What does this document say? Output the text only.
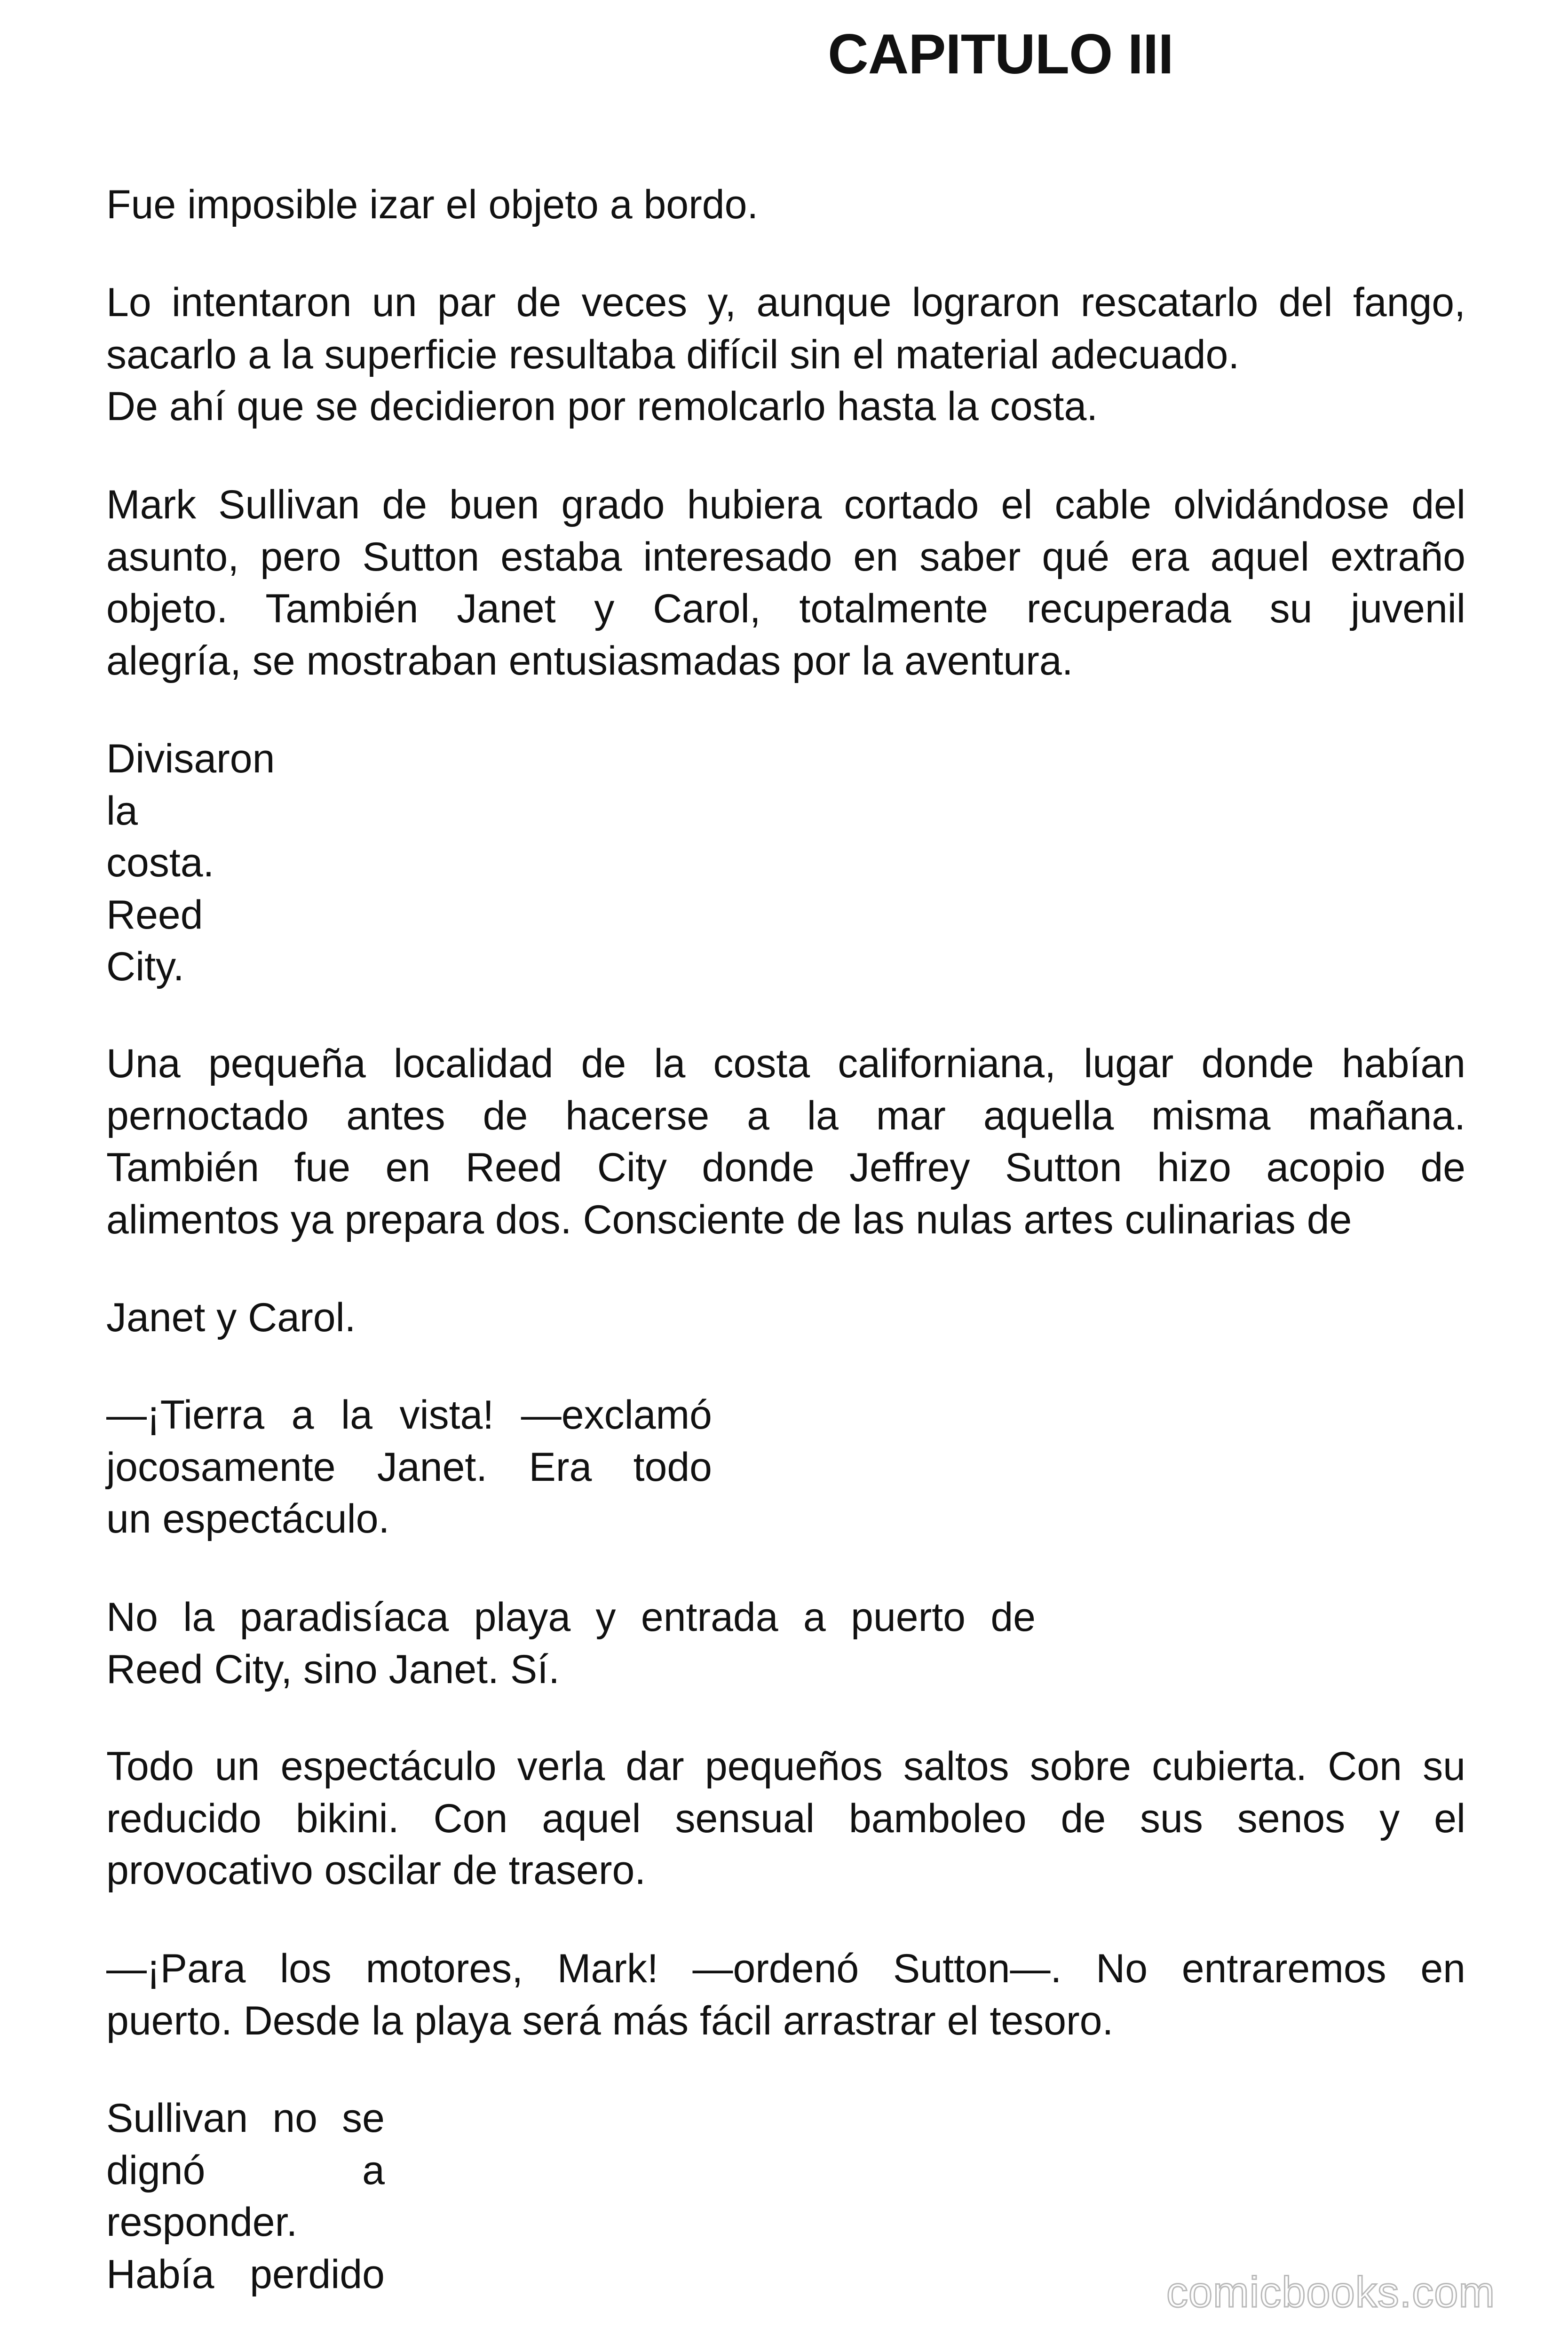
CAPITULO III

Fue imposible izar el objeto a bordo.

Lo intentaron un par de veces y, aunque lograron rescatarlo del fango,
sacarlo a la superficie resultaba difícil sin el material adecuado.
De ahí que se decidieron por remolcarlo hasta la costa.

Mark Sullivan de buen grado hubiera cortado el cable olvidándose del
asunto, pero Sutton estaba interesado en saber qué era aquel extraño
objeto. También Janet y Carol, totalmente recuperada su juvenil
alegría, se mostraban entusiasmadas por la aventura.

Divisaron
la
costa.
Reed
City.

Una pequeña localidad de la costa californiana, lugar donde habían
pernoctado antes de hacerse a la mar aquella misma mañana.
También fue en Reed City donde Jeffrey Sutton hizo acopio de
alimentos ya prepara dos. Consciente de las nulas artes culinarias de

Janet y Carol.

—¡Tierra a la vista! —exclamó
jocosamente Janet. Era todo
un espectáculo.

No la paradisíaca playa y entrada a puerto de
Reed City, sino Janet. Sí.

Todo un espectáculo verla dar pequeños saltos sobre cubierta. Con su
reducido bikini. Con aquel sensual bamboleo de sus senos y el
provocativo oscilar de trasero.

—¡Para los motores, Mark! —ordenó Sutton—. No entraremos en
puerto. Desde la playa será más fácil arrastrar el tesoro.

Sullivan no se
dignó a
responder.
Había perdido	comicbooks.com
